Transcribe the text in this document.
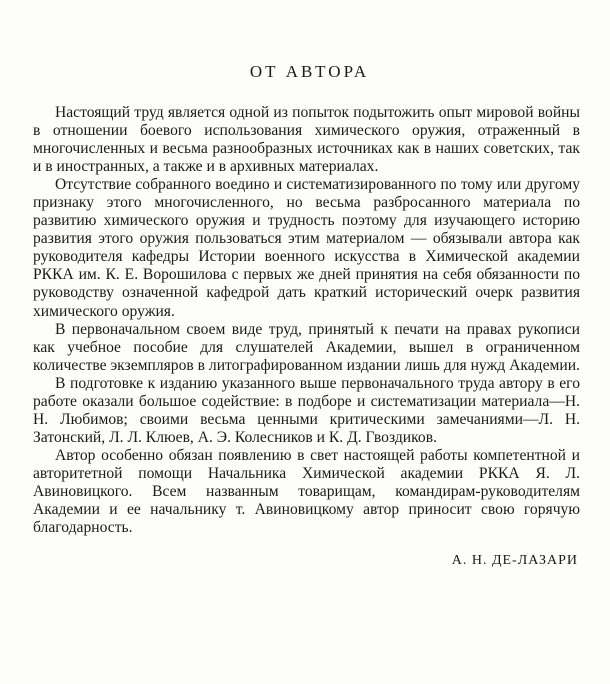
ОТ АВТОРА

Настоящий труд является одной из попыток подытожить опыт мировой войны в отношении боевого использования химического оружия, отраженный в многочисленных и весьма разнообразных источниках как в наших советских, так и в иностранных, а также и в архивных материалах.

Отсутствие собранного воедино и систематизированного по тому или другому признаку этого многочисленного, но весьма разбросанного материала по развитию химического оружия и трудность поэтому для изучающего историю развития этого оружия пользоваться этим материалом — обязывали автора как руководителя кафедры Истории военного искусства в Химической академии РККА им. К. Е. Ворошилова с первых же дней принятия на себя обязанности по руководству означенной кафедрой дать краткий исторический очерк развития химического оружия.

В первоначальном своем виде труд, принятый к печати на правах рукописи как учебное пособие для слушателей Академии, вышел в ограниченном количестве экземпляров в литографированном издании лишь для нужд Академии.

В подготовке к изданию указанного выше первоначального труда автору в его работе оказали большое содействие: в подборе и систематизации материала—Н. Н. Любимов; своими весьма ценными критическими замечаниями—Л. Н. Затонский, Л. Л. Клюев, А. Э. Колесников и К. Д. Гвоздиков.

Автор особенно обязан появлению в свет настоящей работы компетентной и авторитетной помощи Начальника Химической академии РККА Я. Л. Авиновицкого. Всем названным товарищам, командирам-руководителям Академии и ее начальнику т. Авиновицкому автор приносит свою горячую благодарность.

А. Н. ДЕ-ЛАЗАРИ
